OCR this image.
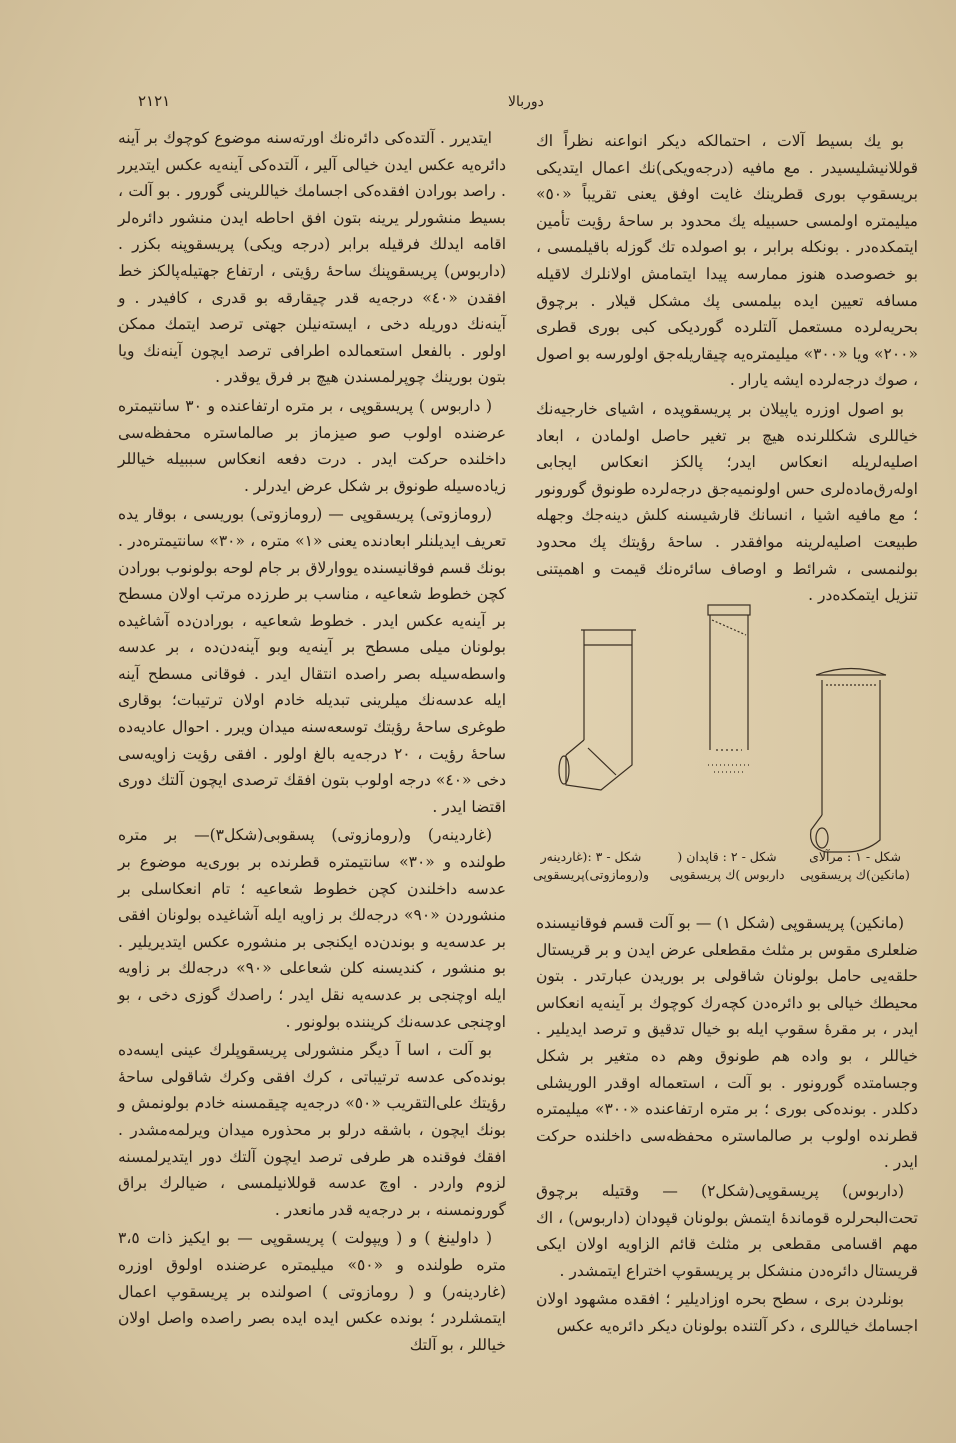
٢١٢١	دوربالا

بو یك بسیط آلات ، احتمالكه دیكر انواعنه نظراً اك قوللانیشلیسیدر . مع مافیه (درجه‌ویكی)نك اعمال ایتدیكی بریسقوپ بوری قطرینك غایت اوفق یعنی تقریباً «٥٠» میلیمتره اولمسی حسبیله یك محدود بر ساحهٔ رؤیت تأمین ایتمكده‌در . بونكله برابر ، بو اصولده تك گوزله باقیلمسی ، بو خصوصده هنوز ممارسه پیدا ایتمامش اولانلرك لاقیله مسافه تعیین ایده بیلمسی پك مشكل قیلار . برچوق بحریه‌لرده مستعمل آلتلرده گوردیكی كبی بوری قطری «٢٠٠» ویا «٣٠٠» میلیمتره‌یه چیقاریله‌جق اولورسه بو اصول ، صوك درجه‌لرده ایشه یارار .

بو اصول اوزره یاپیلا‌ن بر پریسقوپده ، اشیای خارجیه‌نك خیاللری شكللرنده هیچ بر تغیر حاصل اولمادن ، ابعاد اصلیه‌لریله انعكاس ایدر؛ پالكز انعكاس ایجابی اوله‌رق‌ماده‌لری حس اولونمیه‌جق درجه‌لرده طونوق گورونور ؛ مع مافیه اشیا ، انسانك قارشیسنه كلش دینه‌جك وجهله طبیعت اصلیه‌لرینه موافقدر . ساحهٔ رؤیتك پك محدود بولنمسی ، شرائط و اوصاف سائره‌نك قیمت و اهمیتنی تنزیل ایتمكده‌در .

شكل - ١ : مرآلای (مانكین)ك پریسقوپی
شكل - ٢ : قاپدان ( داربوس )ك پریسقوپی
شكل - ٣ :(غاردینه‌ر و(رومازوتی)پریسقوپی

(مانكین) پریسقوپی (شكل ١) — بو آلت قسم فوقانیسنده ضلعلری مقوس بر مثلث مقطعلی عرض ایدن و بر قریستال حلقه‌یی حامل بولونان شاقولی بر بوریدن عبارتدر . بتون محیطك خیالی بو دائره‌دن كچه‌رك كوچوك بر آینه‌یه انعكاس ایدر ، بر مقرهٔ سقوپ ایله بو خیال تدقیق و ترصد ایدیلیر . خیاللر ، بو واده هم طونوق وهم ده متغیر بر شكل وجسامتده گورونور . بو آلت ، استعماله اوقدر الوریشلی دكلدر . بونده‌كی بوری ؛ بر متره ارتفاعنده «٣٠٠» میلیمتره قطرنده اولوب بر صالماستره محفظه‌سی داخلنده حركت ایدر .

(داربوس) پریسقوپی(شكل٢) — وقتیله برچوق تحت‌البحرلره قوماندهٔ ایتمش بولونان قپودان (داربوس) ، اك مهم اقسامی مقطعی بر مثلث قائم الزاویه اولان ایكی قریستال دائره‌دن منشكل بر پریسقوپ اختراع ایتمشدر .

بونلردن بری ، سطح بحره اوزادیلیر ؛ افقده مشهود اولان اجسامك خیاللری ، دكر آلتنده بولونان دیكر دائره‌یه عكس

ایتدیرر . آلتده‌كی دائره‌نك اورته‌سنه موضوع كوچوك بر آینه دائره‌یه عكس ایدن خیالی آلیر ، آلتده‌كی آینه‌یه عكس ایتدیرر . راصد بورادن افقده‌كی اجسامك خیاللرینی گورور . بو آلت ، بسیط منشورلر یرینه بتون افق احاطه ایدن منشور دائره‌لر اقامه ایدلك فرقیله برابر (درجه ویكی) پریسقوپنه بكزر . (داربوس) پریسقوپنك ساحهٔ رؤیتی ، ارتفاع جهتیله‌پالكز خط افقدن «٤٠» درجه‌یه قدر چیقارقه بو قدری ، كافیدر . و آینه‌نك دوریله دخی ، ایسته‌نیلن جهتی ترصد ایتمك ممكن اولور . بالفعل استعمالده اطرافی ترصد ایچون آینه‌نك ویا بتون بورینك چوپرلمسندن هیچ بر فرق یوقدر .

( داربوس ) پریسقوپی ، بر متره ارتفاعنده و ٣٠ سانتیمتره عرضنده اولوب صو صیزماز بر صالماستره محفظه‌سی داخلنده حركت ایدر . درت دفعه انعكاس سببیله خیاللر زیاده‌سیله طونوق بر شكل عرض ایدرلر .

(رومازوتی) پریسقوپی — (رومازوتی) بوریسی ، بوقار یده تعریف ایدیلنلر ابعادنده یعنی «١» متره ، «٣٠» سانتیمتره‌در . بونك قسم فوقانیسنده یووارلاق بر جام لوحه بولونوب بورادن كچن خطوط شعاعیه ، مناسب بر طرزده مرتب اولان مسطح بر آینه‌یه عكس ایدر . خطوط شعاعیه ، بورادن‌ده آشاغیده بولونان میلی مسطح بر آینه‌یه وبو آینه‌دن‌ده ، بر عدسه واسطه‌سیله بصر راصده انتقال ایدر . فوقانی مسطح آینه ایله عدسه‌نك میلرینی تبدیله خادم اولان ترتیبات؛ بوقاری طوغری ساحهٔ رؤیتك توسعه‌سنه میدان ویرر . احوال عادیه‌ده ساحهٔ رؤیت ، ٢٠ درجه‌یه بالغ اولور . افقی رؤیت زاویه‌سی دخی «٤٠» درجه اولوب بتون افقك ترصدی ایچون آلتك دوری اقتضا ایدر .

(غاردینه‌ر) و(رومازوتی) پسقوبی(شكل٣)— بر متره طولنده و «٣٠» سانتیمتره قطرنده بر بوری‌یه موضوع بر عدسه داخلندن كچن خطوط شعاعیه ؛ تام انعكاسلی بر منشوردن «٩٠» درجه‌لك بر زاویه ایله آشاغیده بولونان افقی بر عدسه‌یه و بوندن‌ده ایكنجی بر منشوره عكس ایتدیریلیر . بو منشور ، كندیسنه كلن شعاعلی «٩٠» درجه‌لك بر زاویه ایله اوچنجی بر عدسه‌یه نقل ایدر ؛ راصدك گوزی دخی ، بو اوچنجی عدسه‌نك كریننده بولونور .

بو آلت ، اسا آ دیگر منشورلی پریسقوپلرك عینی ایسه‌ده بونده‌كی عدسه ترتیباتی ، كرك افقی وكرك شاقولی ساحهٔ رؤیتك علی‌التقریب «٥٠» درجه‌یه چیقمسنه خادم بولونمش و بونك ایچون ، باشقه درلو بر محذوره میدان ویرلمه‌مشدر . افقك فوقنده هر طرفی ترصد ایچون آلتك دور ایتدیرلمسنه لزوم واردر . اوچ عدسه قوللانیلمسی ، ضیالرك براق گورونمسنه ، بر درجه‌یه قدر مانعدر .

( داولینغ ) و ( ویپولت ) پریسقوپی — بو ایكیز ذات ٣،٥ متره طولنده و «٥٠» میلیمتره عرضنده اولوق اوزره (غاردینه‌ر) و ( رومازوتی ) اصولنده بر پریسقوپ اعمال ایتمشلردر ؛ بونده عكس ایده ایده بصر راصده واصل اولان خیاللر ، بو آلتك
